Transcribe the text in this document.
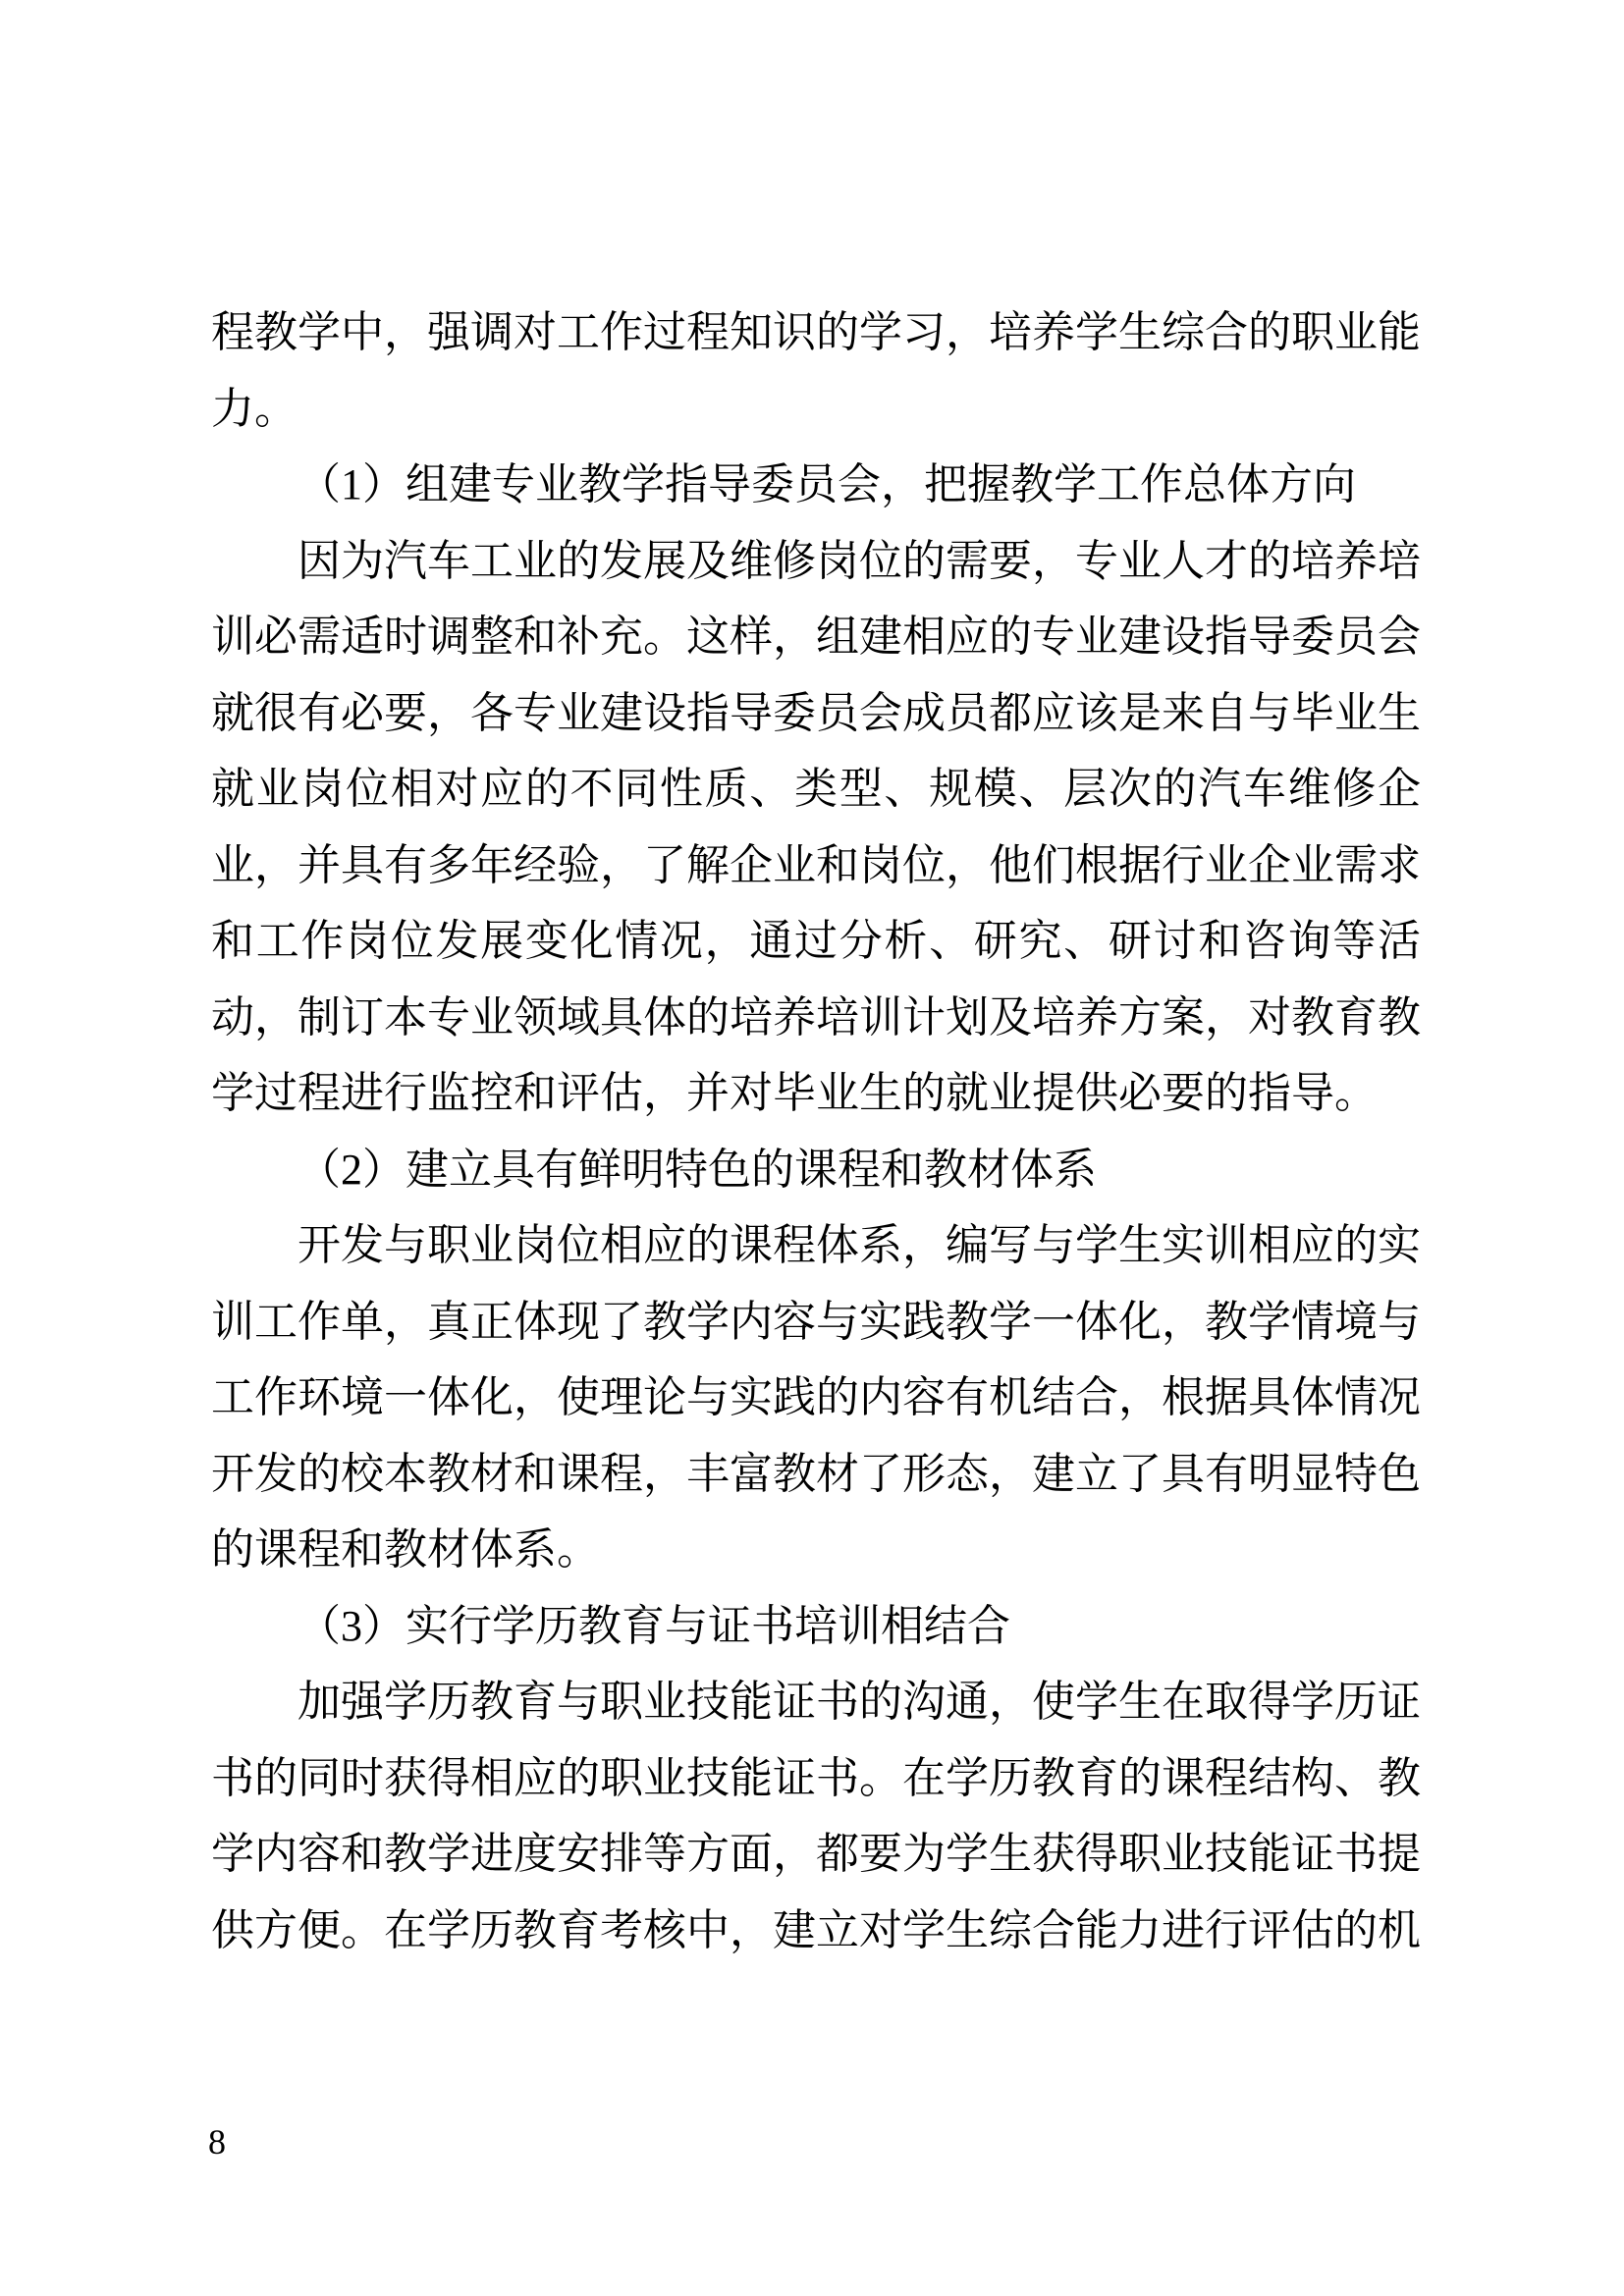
程教学中，强调对工作过程知识的学习，培养学生综合的职业能力。

（1）组建专业教学指导委员会，把握教学工作总体方向

因为汽车工业的发展及维修岗位的需要，专业人才的培养培训必需适时调整和补充。这样，组建相应的专业建设指导委员会就很有必要，各专业建设指导委员会成员都应该是来自与毕业生就业岗位相对应的不同性质、类型、规模、层次的汽车维修企业，并具有多年经验，了解企业和岗位，他们根据行业企业需求和工作岗位发展变化情况，通过分析、研究、研讨和咨询等活动，制订本专业领域具体的培养培训计划及培养方案，对教育教学过程进行监控和评估，并对毕业生的就业提供必要的指导。

（2）建立具有鲜明特色的课程和教材体系

开发与职业岗位相应的课程体系，编写与学生实训相应的实训工作单，真正体现了教学内容与实践教学一体化，教学情境与工作环境一体化，使理论与实践的内容有机结合，根据具体情况开发的校本教材和课程，丰富教材了形态，建立了具有明显特色的课程和教材体系。

（3）实行学历教育与证书培训相结合

加强学历教育与职业技能证书的沟通，使学生在取得学历证书的同时获得相应的职业技能证书。在学历教育的课程结构、教学内容和教学进度安排等方面，都要为学生获得职业技能证书提供方便。在学历教育考核中，建立对学生综合能力进行评估的机

8
